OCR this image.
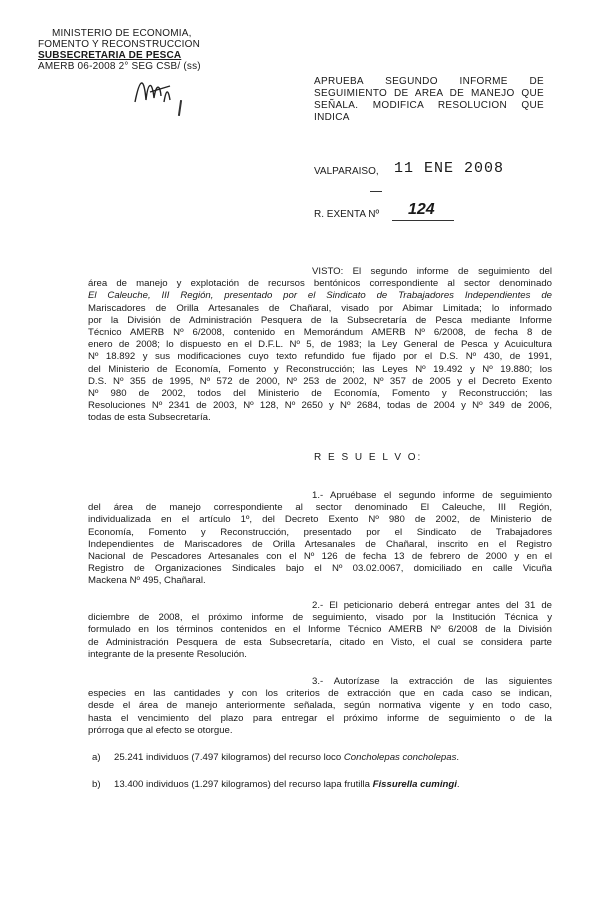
MINISTERIO DE ECONOMIA,
FOMENTO Y RECONSTRUCCION
SUBSECRETARIA DE PESCA
AMERB 06-2008 2° SEG CSB/ (ss)
APRUEBA SEGUNDO INFORME DE
SEGUIMIENTO DE AREA DE MANEJO QUE
SEÑALA. MODIFICA RESOLUCION QUE
INDICA
VALPARAISO, 11 ENE 2008
R. EXENTA Nº 124
VISTO: El segundo informe de seguimiento del
área de manejo y explotación de recursos bentónicos correspondiente al sector denominado
El Caleuche, III Región, presentado por el Sindicato de Trabajadores Independientes de
Mariscadores de Orilla Artesanales de Chañaral, visado por Abimar Limitada; lo informado
por la División de Administración Pesquera de la Subsecretaría de Pesca mediante Informe
Técnico AMERB Nº 6/2008, contenido en Memorándum AMERB Nº 6/2008, de fecha 8 de
enero de 2008; lo dispuesto en el D.F.L. Nº 5, de 1983; la Ley General de Pesca y Acuicultura
Nº 18.892 y sus modificaciones cuyo texto refundido fue fijado por el D.S. Nº 430, de 1991,
del Ministerio de Economía, Fomento y Reconstrucción; las Leyes Nº 19.492 y Nº 19.880; los
D.S. Nº 355 de 1995, Nº 572 de 2000, Nº 253 de 2002, Nº 357 de 2005 y el Decreto Exento
Nº 980 de 2002, todos del Ministerio de Economía, Fomento y Reconstrucción; las
Resoluciones Nº 2341 de 2003, Nº 128, Nº 2650 y Nº 2684, todas de 2004 y Nº 349 de 2006,
todas de esta Subsecretaría.
R E S U E L V O:
1.- Apruébase el segundo informe de seguimiento
del área de manejo correspondiente al sector denominado El Caleuche, III Región,
individualizada en el artículo 1º, del Decreto Exento Nº 980 de 2002, de Ministerio de
Economía, Fomento y Reconstrucción, presentado por el Sindicato de Trabajadores
Independientes de Mariscadores de Orilla Artesanales de Chañaral, inscrito en el Registro
Nacional de Pescadores Artesanales con el Nº 126 de fecha 13 de febrero de 2000 y en el
Registro de Organizaciones Sindicales bajo el Nº 03.02.0067, domiciliado en calle Vicuña
Mackena Nº 495, Chañaral.
2.- El peticionario deberá entregar antes del 31 de
diciembre de 2008, el próximo informe de seguimiento, visado por la Institución Técnica y
formulado en los términos contenidos en el Informe Técnico AMERB Nº 6/2008 de la División
de Administración Pesquera de esta Subsecretaría, citado en Visto, el cual se considera parte
integrante de la presente Resolución.
3.- Autorízase la extracción de las siguientes
especies en las cantidades y con los criterios de extracción que en cada caso se indican,
desde el área de manejo anteriormente señalada, según normativa vigente y en todo caso,
hasta el vencimiento del plazo para entregar el próximo informe de seguimiento o de la
prórroga que al efecto se otorgue.
a) 25.241 individuos (7.497 kilogramos) del recurso loco Concholepas concholepas.
b) 13.400 individuos (1.297 kilogramos) del recurso lapa frutilla Fissurella cumingi.
